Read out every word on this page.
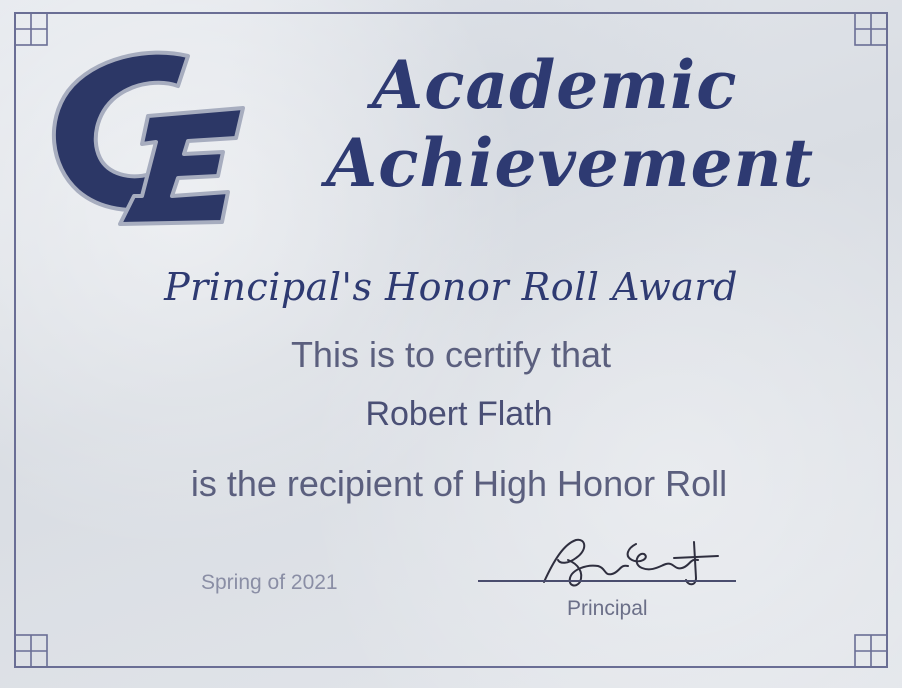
Academic
Achievement
Principal's Honor Roll Award
This is to certify that
Robert Flath
is the recipient of High Honor Roll
Spring of 2021
Principal
